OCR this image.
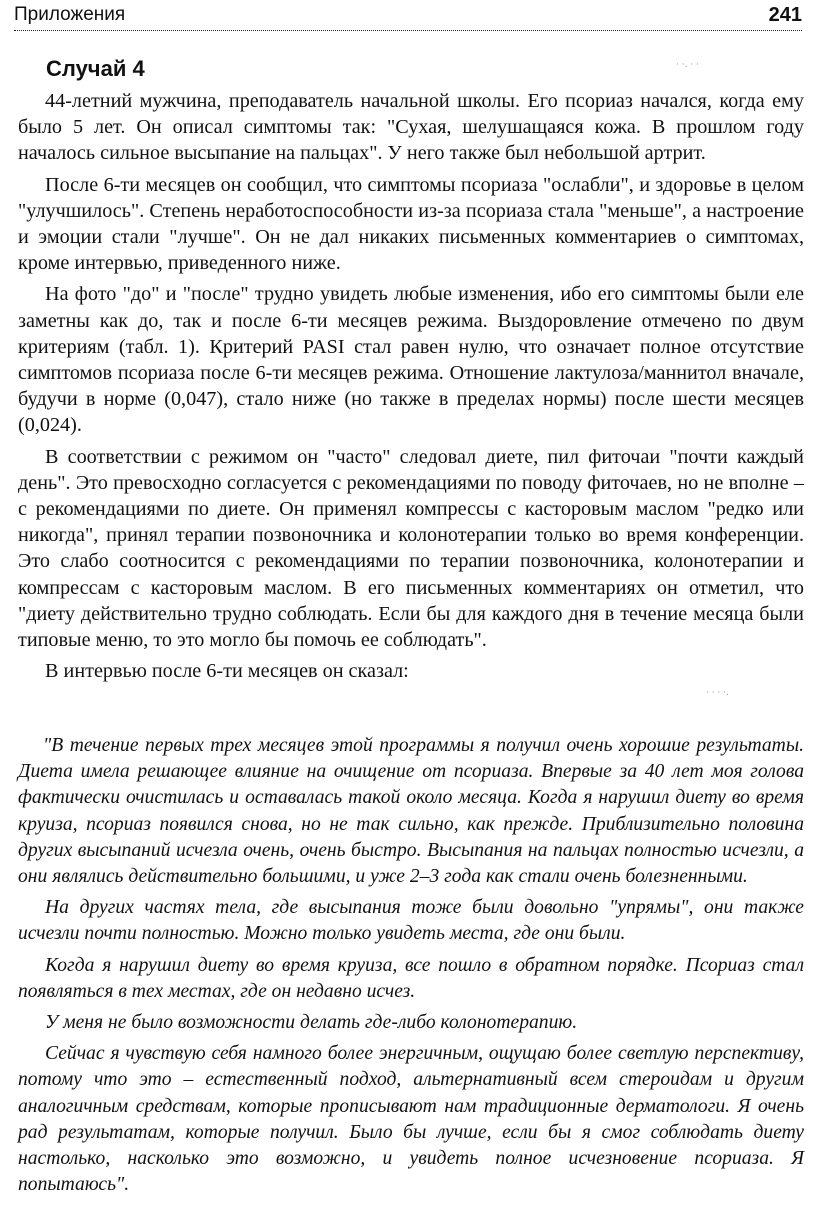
Приложения	241
Случай 4

44-летний мужчина, преподаватель начальной школы. Его псориаз начался, когда ему было 5 лет. Он описал симптомы так: "Сухая, шелушащаяся кожа. В прошлом году началось сильное высыпание на пальцах". У него также был небольшой артрит.

После 6-ти месяцев он сообщил, что симптомы псориаза "ослабли", и здоровье в целом "улучшилось". Степень неработоспособности из-за псориаза стала "меньше", а настроение и эмоции стали "лучше". Он не дал никаких письменных комментариев о симптомах, кроме интервью, приведенного ниже.

На фото "до" и "после" трудно увидеть любые изменения, ибо его симптомы были еле заметны как до, так и после 6-ти месяцев режима. Выздоровление отмечено по двум критериям (табл. 1). Критерий PASI стал равен нулю, что означает полное отсутствие симптомов псориаза после 6-ти месяцев режима. Отношение лактулоза/маннитол вначале, будучи в норме (0,047), стало ниже (но также в пределах нормы) после шести месяцев (0,024).

В соответствии с режимом он "часто" следовал диете, пил фиточаи "почти каждый день". Это превосходно согласуется с рекомендациями по поводу фиточаев, но не вполне – с рекомендациями по диете. Он применял компрессы с касторовым маслом "редко или никогда", принял терапии позвоночника и колонотерапии только во время конференции. Это слабо соотносится с рекомендациями по терапии позвоночника, колонотерапии и компрессам с касторовым маслом. В его письменных комментариях он отметил, что "диету действительно трудно соблюдать. Если бы для каждого дня в течение месяца были типовые меню, то это могло бы помочь ее соблюдать".

В интервью после 6-ти месяцев он сказал:

"В течение первых трех месяцев этой программы я получил очень хорошие результаты. Диета имела решающее влияние на очищение от псориаза. Впервые за 40 лет моя голова фактически очистилась и оставалась такой около месяца. Когда я нарушил диету во время круиза, псориаз появился снова, но не так сильно, как прежде. Приблизительно половина других высыпаний исчезла очень, очень быстро. Высыпания на пальцах полностью исчезли, а они являлись действительно большими, и уже 2–3 года как стали очень болезненными.

На других частях тела, где высыпания тоже были довольно "упрямы", они также исчезли почти полностью. Можно только увидеть места, где они были.

Когда я нарушил диету во время круиза, все пошло в обратном порядке. Псориаз стал появляться в тех местах, где он недавно исчез.

У меня не было возможности делать где-либо колонотерапию.

Сейчас я чувствую себя намного более энергичным, ощущаю более светлую перспективу, потому что это – естественный подход, альтернативный всем стероидам и другим аналогичным средствам, которые прописывают нам традиционные дерматологи. Я очень рад результатам, которые получил. Было бы лучше, если бы я смог соблюдать диету настолько, насколько это возможно, и увидеть полное исчезновение псориаза. Я попытаюсь".

· ·. · ·
· · · ·.
